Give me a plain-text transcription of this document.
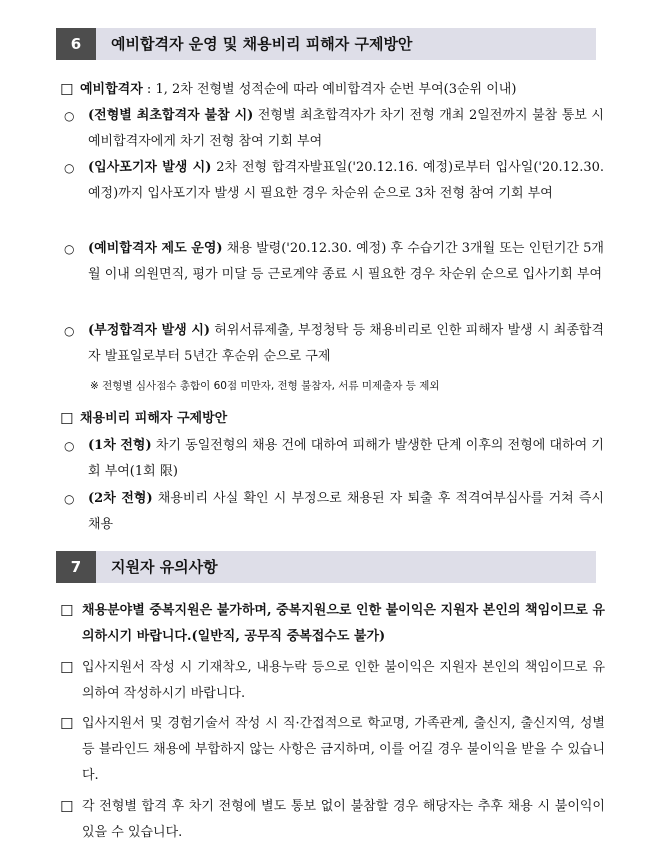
6	예비합격자 운영 및 채용비리 피해자 구제방안
☐ 예비합격자 : 1, 2차 전형별 성적순에 따라 예비합격자 순번 부여(3순위 이내)
○	(전형별 최초합격자 불참 시) 전형별 최초합격자가 차기 전형 개최 2일전까지 불참 통보 시 예비합격자에게 차기 전형 참여 기회 부여
○	(입사포기자 발생 시) 2차 전형 합격자발표일('20.12.16. 예정)로부터 입사일('20.12.30. 예정)까지 입사포기자 발생 시 필요한 경우 차순위 순으로 3차 전형 참여 기회 부여
○	(예비합격자 제도 운영) 채용 발령('20.12.30. 예정) 후 수습기간 3개월 또는 인턴기간 5개월 이내 의원면직, 평가 미달 등 근로계약 종료 시 필요한 경우 차순위 순으로 입사기회 부여
○	(부정합격자 발생 시) 허위서류제출, 부정청탁 등 채용비리로 인한 피해자 발생 시 최종합격자 발표일로부터 5년간 후순위 순으로 구제
※ 전형별 심사점수 총합이 60점 미만자, 전형 불참자, 서류 미제출자 등 제외
☐ 채용비리 피해자 구제방안
○	(1차 전형) 차기 동일전형의 채용 건에 대하여 피해가 발생한 단계 이후의 전형에 대하여 기회 부여(1회 限)
○	(2차 전형) 채용비리 사실 확인 시 부정으로 채용된 자 퇴출 후 적격여부심사를 거쳐 즉시 채용
7	지원자 유의사항
☐ 채용분야별 중복지원은 불가하며, 중복지원으로 인한 불이익은 지원자 본인의 책임이므로 유의하시기 바랍니다.(일반직, 공무직 중복접수도 불가)
☐ 입사지원서 작성 시 기재착오, 내용누락 등으로 인한 불이익은 지원자 본인의 책임이므로 유의하여 작성하시기 바랍니다.
☐ 입사지원서 및 경험기술서 작성 시 직·간접적으로 학교명, 가족관계, 출신지, 출신지역, 성별 등 블라인드 채용에 부합하지 않는 사항은 금지하며, 이를 어길 경우 불이익을 받을 수 있습니다.
☐ 각 전형별 합격 후 차기 전형에 별도 통보 없이 불참할 경우 해당자는 추후 채용 시 불이익이 있을 수 있습니다.
